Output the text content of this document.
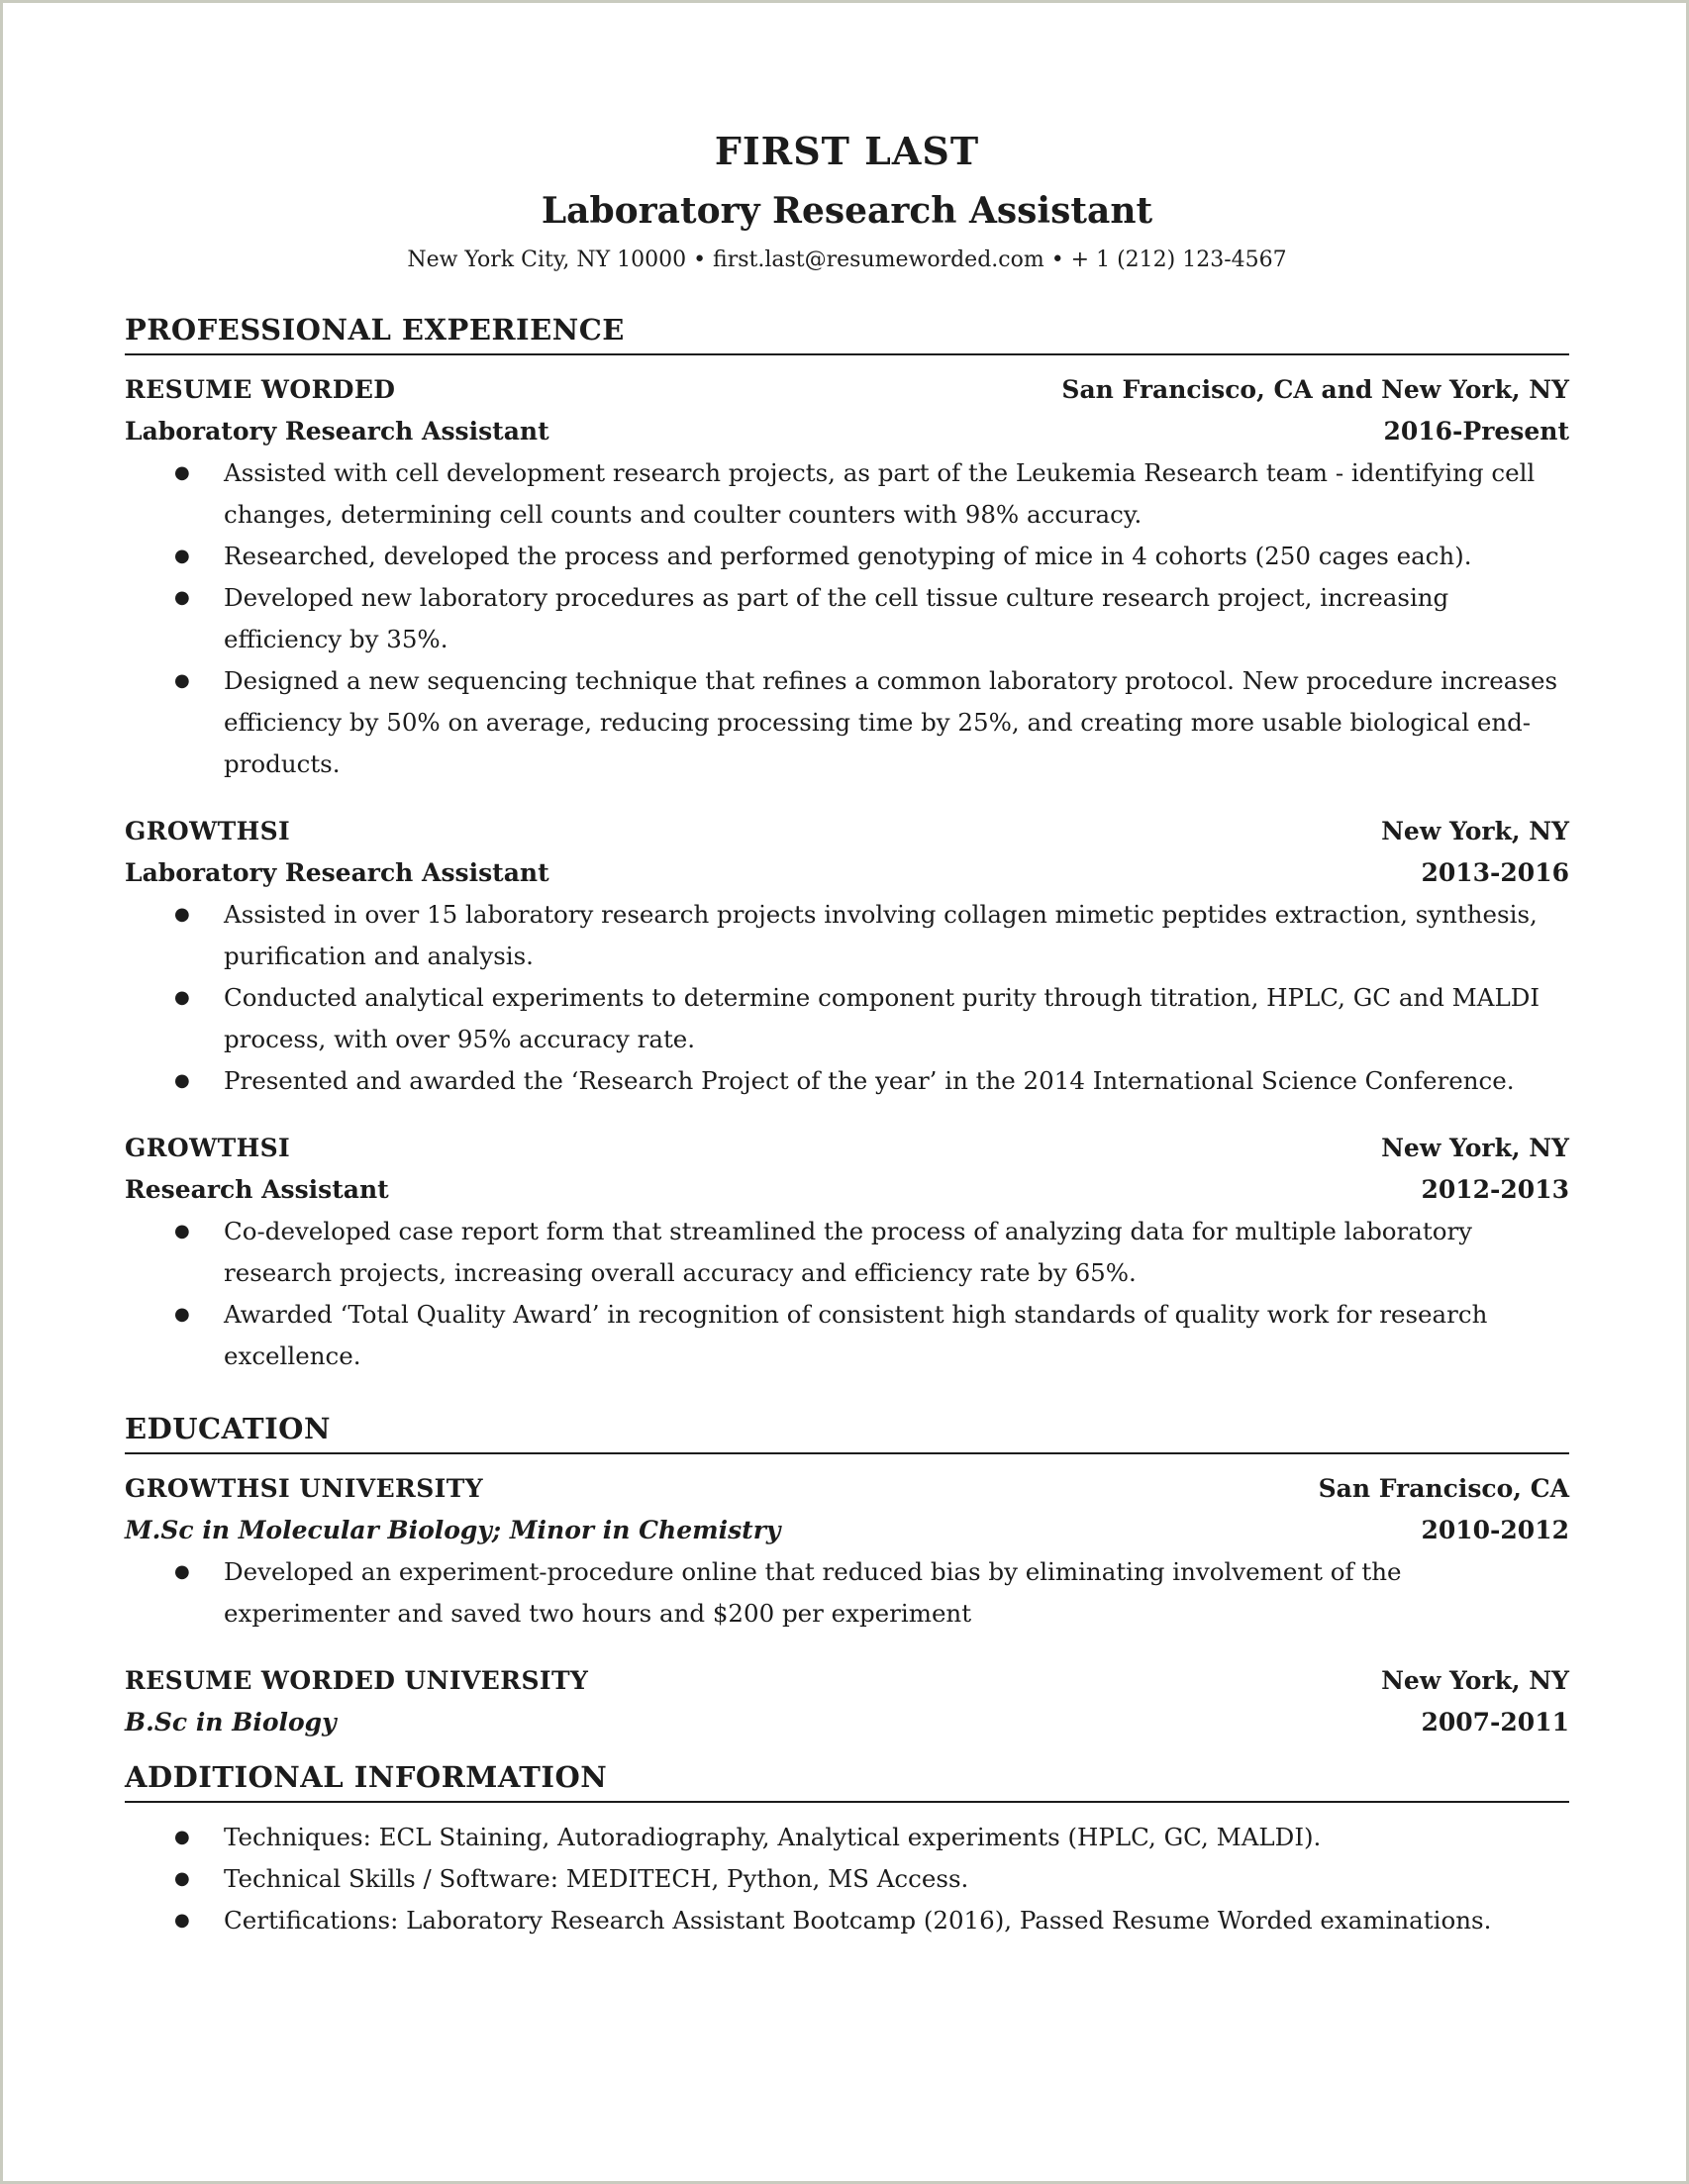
FIRST LAST
Laboratory Research Assistant

New York City, NY 10000 • first.last@resumeworded.com • + 1 (212) 123-4567

PROFESSIONAL EXPERIENCE
RESUME WORDED	San Francisco, CA and New York, NY
Laboratory Research Assistant	2016-Present
● Assisted with cell development research projects, as part of the Leukemia Research team - identifying cell changes, determining cell counts and coulter counters with 98% accuracy.
● Researched, developed the process and performed genotyping of mice in 4 cohorts (250 cages each).
● Developed new laboratory procedures as part of the cell tissue culture research project, increasing efficiency by 35%.
● Designed a new sequencing technique that refines a common laboratory protocol. New procedure increases efficiency by 50% on average, reducing processing time by 25%, and creating more usable biological end-products.
GROWTHSI	New York, NY
Laboratory Research Assistant	2013-2016
● Assisted in over 15 laboratory research projects involving collagen mimetic peptides extraction, synthesis, purification and analysis.
● Conducted analytical experiments to determine component purity through titration, HPLC, GC and MALDI process, with over 95% accuracy rate.
● Presented and awarded the ‘Research Project of the year’ in the 2014 International Science Conference.
GROWTHSI	New York, NY
Research Assistant	2012-2013
● Co-developed case report form that streamlined the process of analyzing data for multiple laboratory research projects, increasing overall accuracy and efficiency rate by 65%.
● Awarded ‘Total Quality Award’ in recognition of consistent high standards of quality work for research excellence.
EDUCATION
GROWTHSI UNIVERSITY	San Francisco, CA
M.Sc in Molecular Biology; Minor in Chemistry	2010-2012
● Developed an experiment-procedure online that reduced bias by eliminating involvement of the experimenter and saved two hours and $200 per experiment
RESUME WORDED UNIVERSITY	New York, NY
B.Sc in Biology	2007-2011
ADDITIONAL INFORMATION
● Techniques: ECL Staining, Autoradiography, Analytical experiments (HPLC, GC, MALDI).
● Technical Skills / Software: MEDITECH, Python, MS Access.
● Certifications: Laboratory Research Assistant Bootcamp (2016), Passed Resume Worded examinations.
